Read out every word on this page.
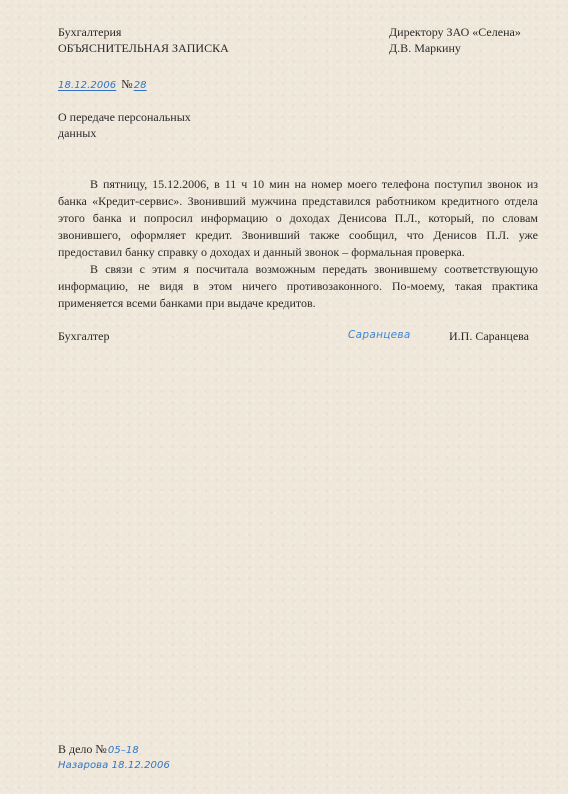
Бухгалтерия
ОБЪЯСНИТЕЛЬНАЯ ЗАПИСКА
Директору ЗАО «Селена»
Д.В. Маркину
18.12.2006 №28
О передаче персональных
данных

В пятницу, 15.12.2006, в 11 ч 10 мин на номер моего телефона поступил звонок из банка «Кредит-сервис». Звонивший мужчина представился работником кредитного отдела этого банка и попросил информацию о доходах Денисова П.Л., который, по словам звонившего, оформляет кредит. Звонивший также сообщил, что Денисов П.Л. уже предоставил банку справку о доходах и данный звонок – формальная проверка.

В связи с этим я посчитала возможным передать звонившему соответствующую информацию, не видя в этом ничего противозаконного. По-моему, такая практика применяется всеми банками при выдаче кредитов.

Бухгалтер	Саранцева	И.П. Саранцева
В дело №05–18
Назарова 18.12.2006
